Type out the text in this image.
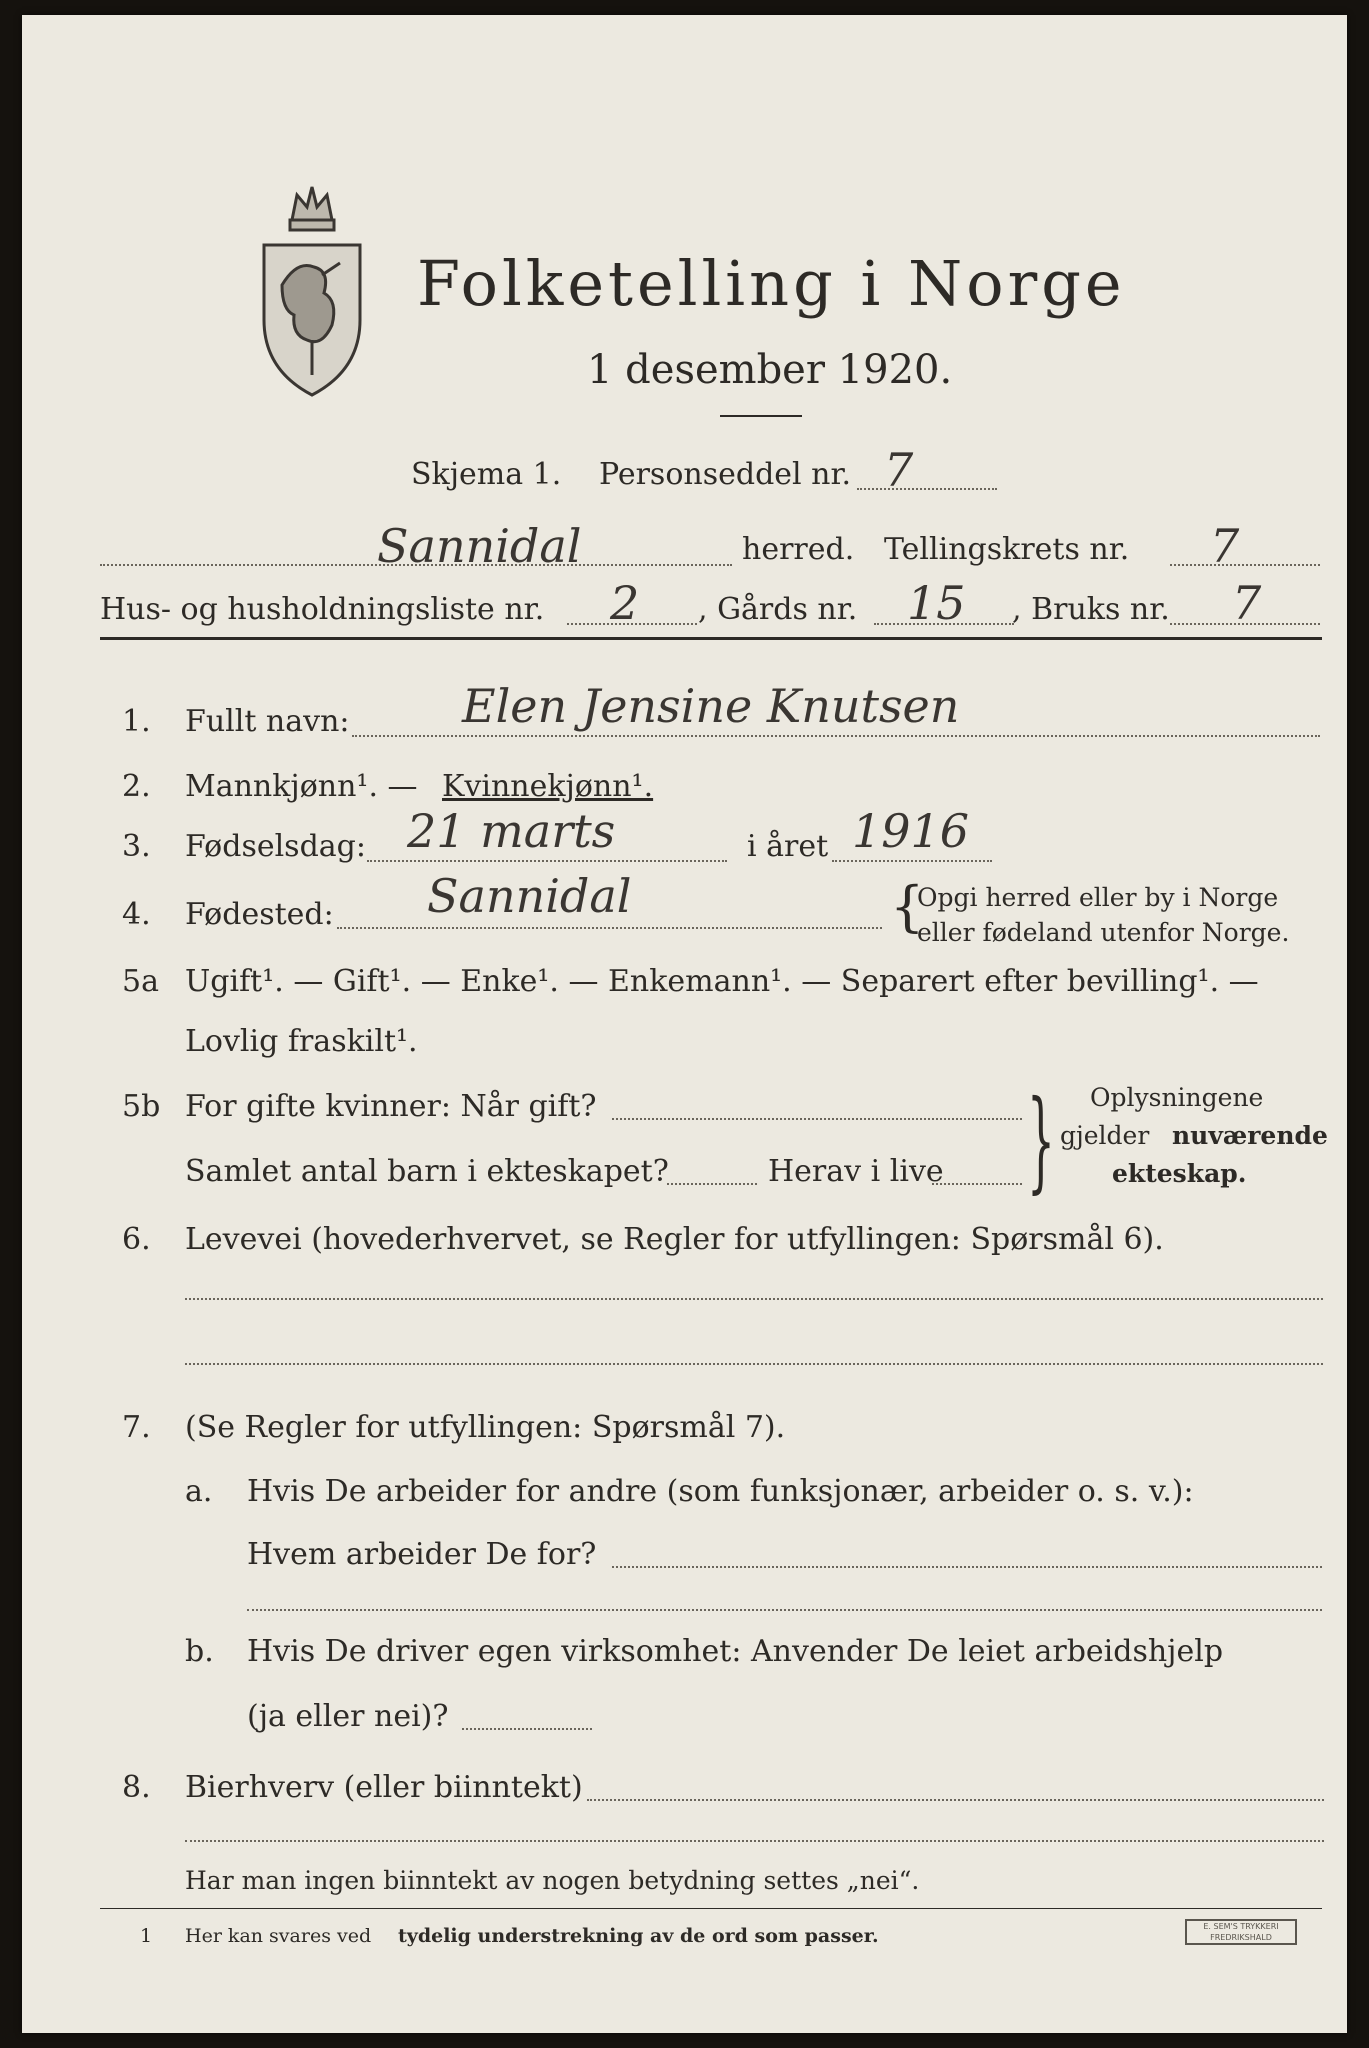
Folketelling i Norge
1 desember 1920.
Skjema 1. Personseddel nr. 7
Sannidal	herred. Tellingskrets nr. 7
Hus- og husholdningsliste nr. 2 , Gårds nr. 15 , Bruks nr. 7
1. Fullt navn: Elen Jensine Knutsen
2. Mannkjønn¹. — Kvinnekjønn¹.
3. Fødselsdag: 21 marts	i året 1916
4. Fødested: Sannidal	{
Opgi herred eller by i Norge
eller fødeland utenfor Norge.
5a Ugift¹. — Gift¹. — Enke¹. — Enkemann¹. — Separert efter bevilling¹. —
Lovlig fraskilt¹.
5b For gifte kvinner: Når gift?
Samlet antal barn i ekteskapet?	Herav i live } Oplysningene
gjelder nuværende
ekteskap.
6. Levevei (hovederhvervet, se Regler for utfyllingen: Spørsmål 6).
7. (Se Regler for utfyllingen: Spørsmål 7).
a. Hvis De arbeider for andre (som funksjonær, arbeider o. s. v.):
Hvem arbeider De for?
b. Hvis De driver egen virksomhet: Anvender De leiet arbeidshjelp
(ja eller nei)?
8. Bierhverv (eller biinntekt)
Har man ingen biinntekt av nogen betydning settes „nei“.
1 Her kan svares ved tydelig understrekning av de ord som passer.	E. SEM'S TRYKKERI
FREDRIKSHALD
